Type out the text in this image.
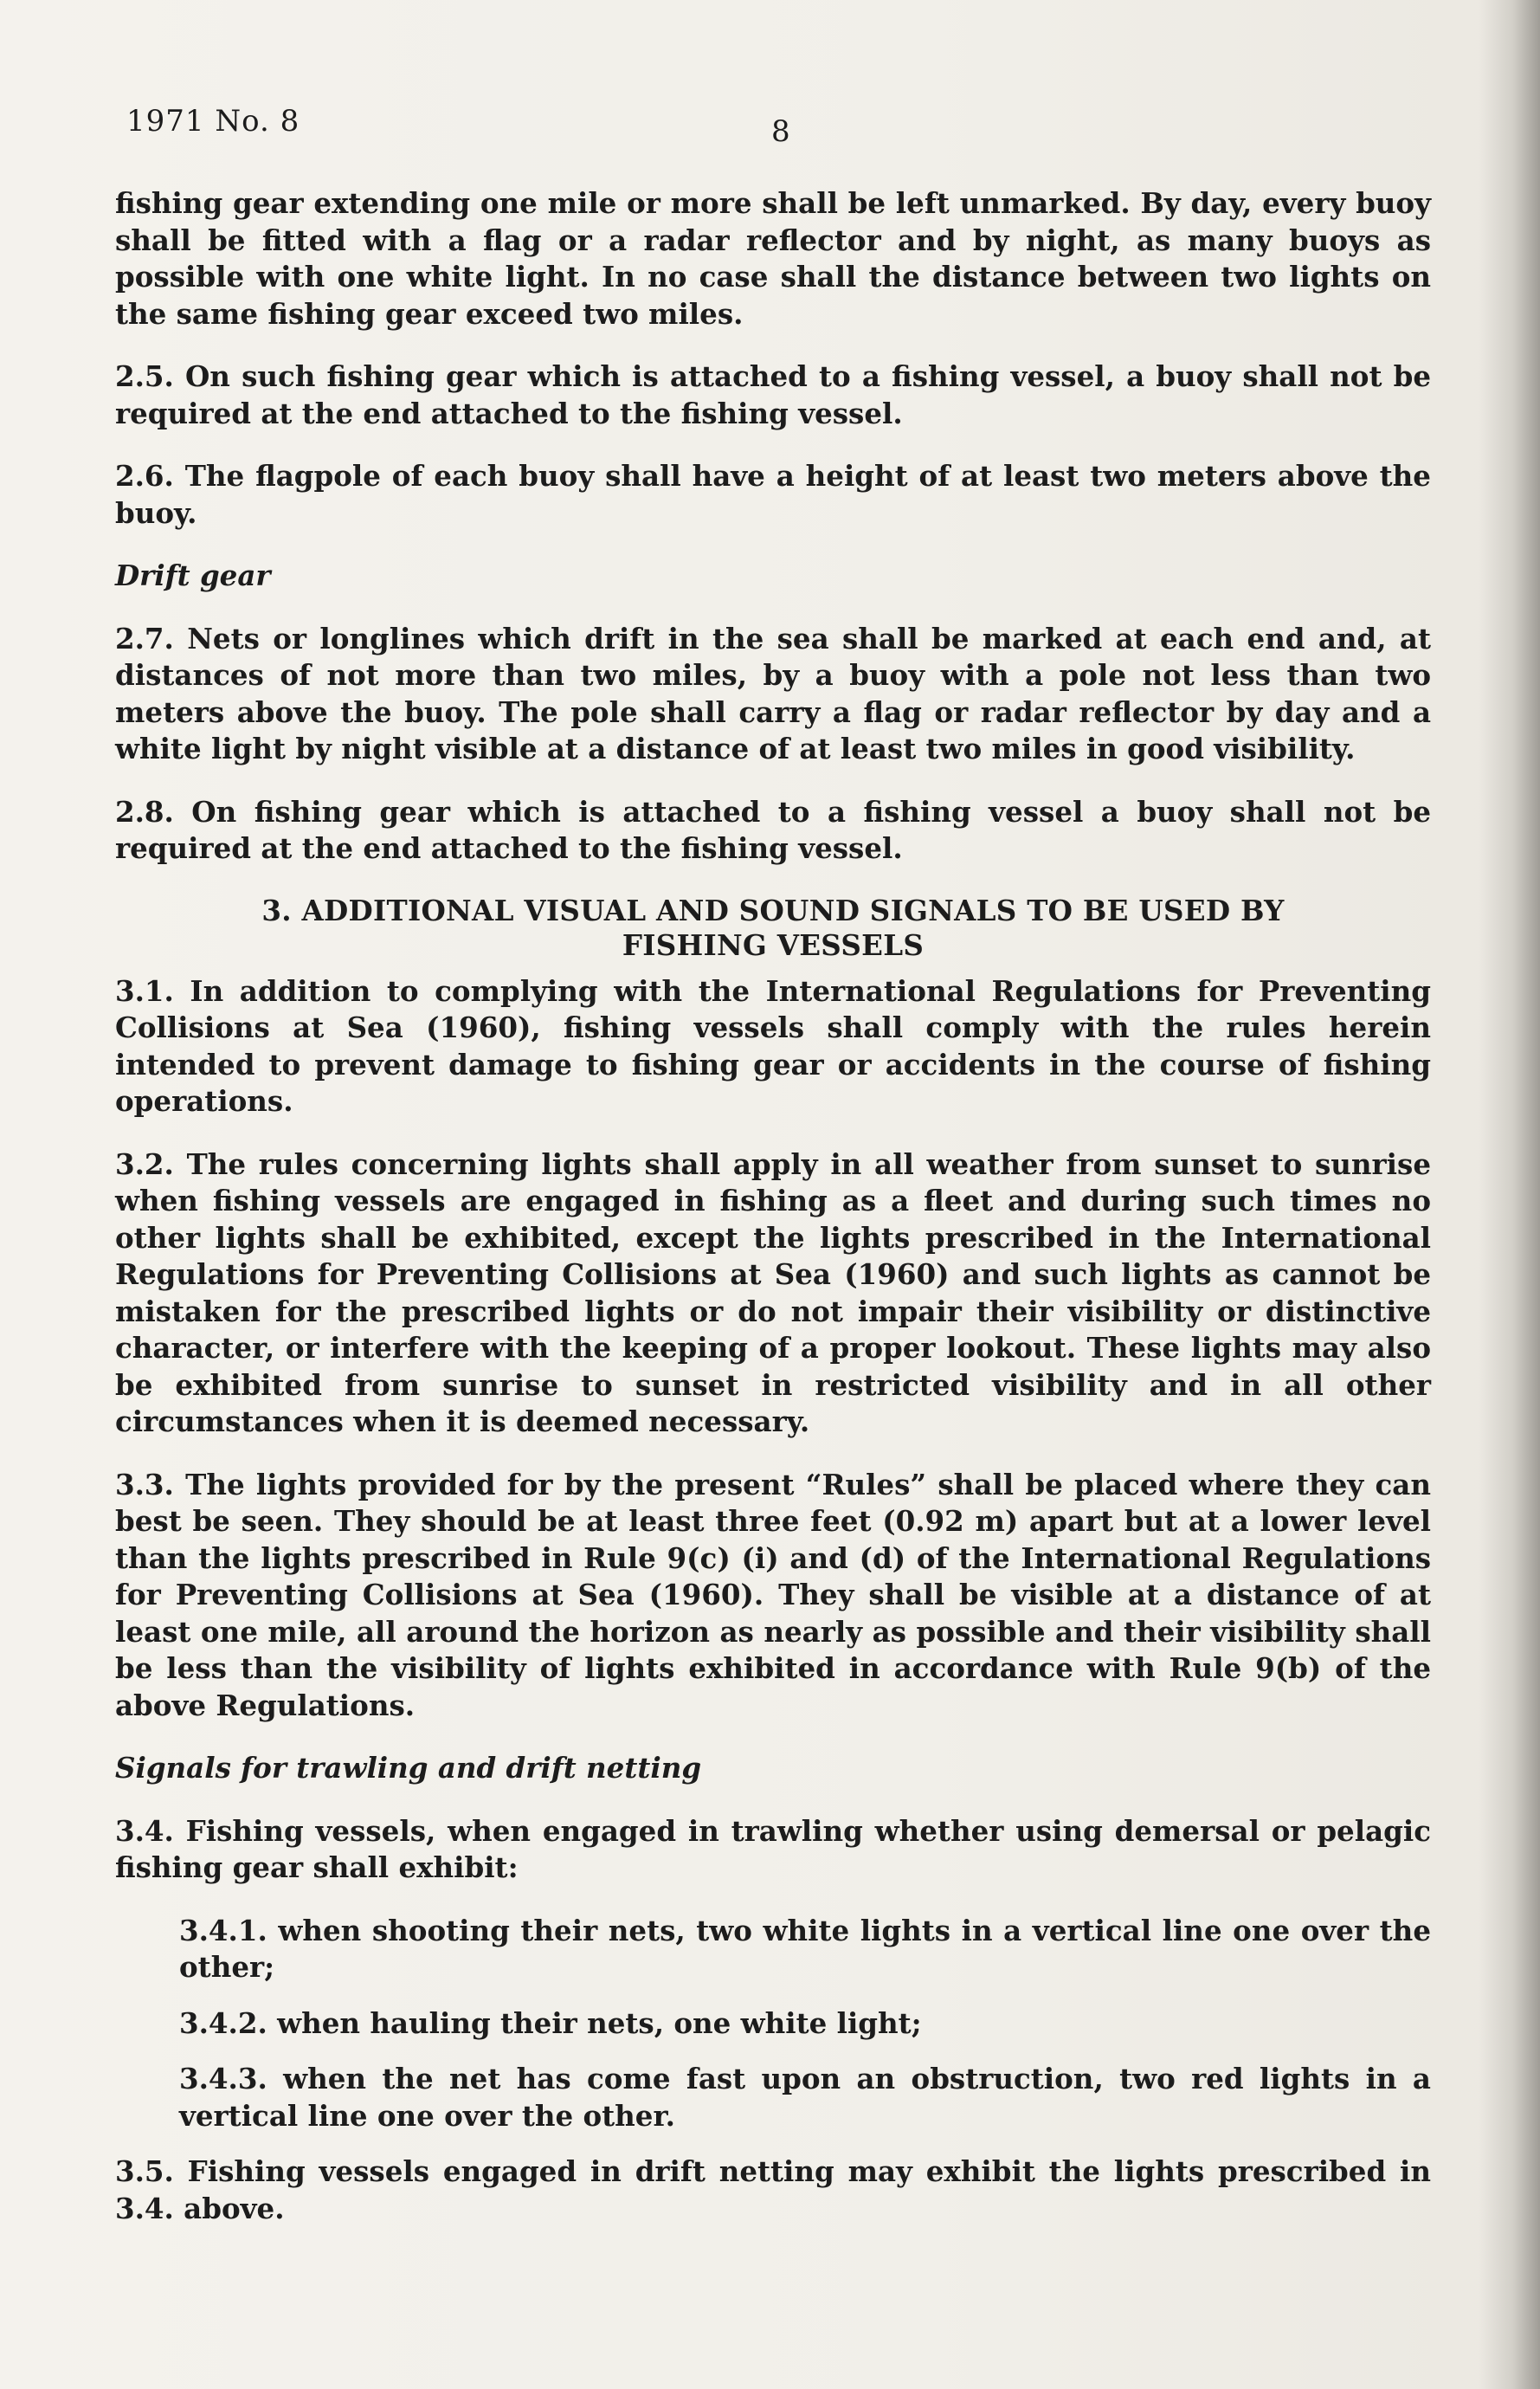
1971 No. 8	8

fishing gear extending one mile or more shall be left unmarked. By day, every buoy shall be fitted with a flag or a radar reflector and by night, as many buoys as possible with one white light. In no case shall the distance between two lights on the same fishing gear exceed two miles.

2.5. On such fishing gear which is attached to a fishing vessel, a buoy shall not be required at the end attached to the fishing vessel.

2.6. The flagpole of each buoy shall have a height of at least two meters above the buoy.

Drift gear

2.7. Nets or longlines which drift in the sea shall be marked at each end and, at distances of not more than two miles, by a buoy with a pole not less than two meters above the buoy. The pole shall carry a flag or radar reflector by day and a white light by night visible at a distance of at least two miles in good visibility.

2.8. On fishing gear which is attached to a fishing vessel a buoy shall not be required at the end attached to the fishing vessel.

3. ADDITIONAL VISUAL AND SOUND SIGNALS TO BE USED BY
FISHING VESSELS

3.1. In addition to complying with the International Regulations for Preventing Collisions at Sea (1960), fishing vessels shall comply with the rules herein intended to prevent damage to fishing gear or accidents in the course of fishing operations.

3.2. The rules concerning lights shall apply in all weather from sunset to sunrise when fishing vessels are engaged in fishing as a fleet and during such times no other lights shall be exhibited, except the lights prescribed in the International Regulations for Preventing Collisions at Sea (1960) and such lights as cannot be mistaken for the prescribed lights or do not impair their visibility or distinctive character, or interfere with the keeping of a proper lookout. These lights may also be exhibited from sunrise to sunset in restricted visibility and in all other circumstances when it is deemed necessary.

3.3. The lights provided for by the present “Rules” shall be placed where they can best be seen. They should be at least three feet (0.92 m) apart but at a lower level than the lights prescribed in Rule 9(c) (i) and (d) of the International Regulations for Preventing Collisions at Sea (1960). They shall be visible at a distance of at least one mile, all around the horizon as nearly as possible and their visibility shall be less than the visibility of lights exhibited in accordance with Rule 9(b) of the above Regulations.

Signals for trawling and drift netting

3.4. Fishing vessels, when engaged in trawling whether using demersal or pelagic fishing gear shall exhibit:

3.4.1. when shooting their nets, two white lights in a vertical line one over the other;

3.4.2. when hauling their nets, one white light;

3.4.3. when the net has come fast upon an obstruction, two red lights in a vertical line one over the other.

3.5. Fishing vessels engaged in drift netting may exhibit the lights prescribed in 3.4. above.
